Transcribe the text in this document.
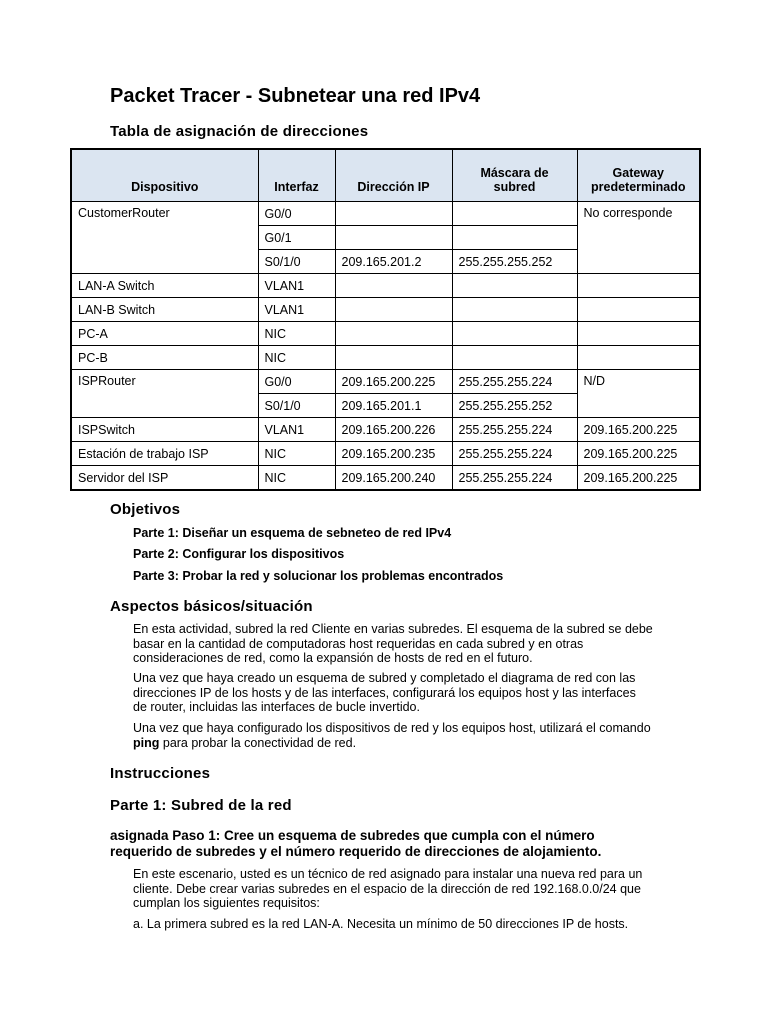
Packet Tracer - Subnetear una red IPv4
Tabla de asignación de direcciones
Dispositivo	Interfaz	Dirección IP	Máscara de subred	Gateway predeterminado
CustomerRouter	G0/0			No corresponde
	G0/1			
	S0/1/0	209.165.201.2	255.255.255.252	
LAN-A Switch	VLAN1			
LAN-B Switch	VLAN1			
PC-A	NIC			
PC-B	NIC			
ISPRouter	G0/0	209.165.200.225	255.255.255.224	N/D
	S0/1/0	209.165.201.1	255.255.255.252	
ISPSwitch	VLAN1	209.165.200.226	255.255.255.224	209.165.200.225
Estación de trabajo ISP	NIC	209.165.200.235	255.255.255.224	209.165.200.225
Servidor del ISP	NIC	209.165.200.240	255.255.255.224	209.165.200.225
Objetivos

Parte 1: Diseñar un esquema de sebneteo de red IPv4

Parte 2: Configurar los dispositivos

Parte 3: Probar la red y solucionar los problemas encontrados

Aspectos básicos/situación

En esta actividad, subred la red Cliente en varias subredes. El esquema de la subred se debe basar en la cantidad de computadoras host requeridas en cada subred y en otras consideraciones de red, como la expansión de hosts de red en el futuro.

Una vez que haya creado un esquema de subred y completado el diagrama de red con las direcciones IP de los hosts y de las interfaces, configurará los equipos host y las interfaces de router, incluidas las interfaces de bucle invertido.

Una vez que haya configurado los dispositivos de red y los equipos host, utilizará el comando ping para probar la conectividad de red.

Instrucciones
Parte 1: Subred de la red

asignada Paso 1: Cree un esquema de subredes que cumpla con el número requerido de subredes y el número requerido de direcciones de alojamiento.

En este escenario, usted es un técnico de red asignado para instalar una nueva red para un cliente. Debe crear varias subredes en el espacio de la dirección de red 192.168.0.0/24 que cumplan los siguientes requisitos:

a. La primera subred es la red LAN-A. Necesita un mínimo de 50 direcciones IP de hosts.
